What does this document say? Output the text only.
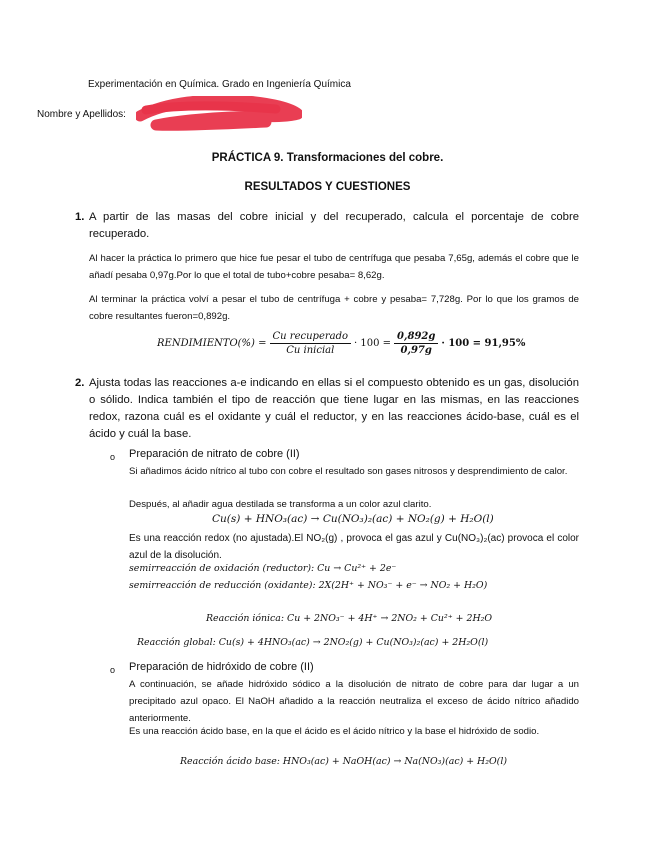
Experimentación en Química. Grado en Ingeniería Química
Nombre y Apellidos:
PRÁCTICA 9. Transformaciones del cobre.
RESULTADOS Y CUESTIONES
1. A partir de las masas del cobre inicial y del recuperado, calcula el porcentaje de cobre recuperado.
Al hacer la práctica lo primero que hice fue pesar el tubo de centrífuga que pesaba 7,65g, además el cobre que le añadí pesaba 0,97g.Por lo que el total de tubo+cobre pesaba= 8,62g.
Al terminar la práctica volví a pesar el tubo de centrífuga + cobre y pesaba= 7,728g. Por lo que los gramos de cobre resultantes fueron=0,892g.
RENDIMIENTO(%) = $\frac{\text{Cu recuperado}}{\text{Cu inicial}} \cdot 100 = \frac{0,892g}{0,97g} \cdot 100 = 91,95\%$
2. Ajusta todas las reacciones a-e indicando en ellas si el compuesto obtenido es un gas, disolución o sólido. Indica también el tipo de reacción que tiene lugar en las mismas, en las reacciones redox, razona cuál es el oxidante y cuál el reductor, y en las reacciones ácido-base, cuál es el ácido y cuál la base.
o Preparación de nitrato de cobre (II)
Si añadimos ácido nítrico al tubo con cobre el resultado son gases nitrosos y desprendimiento de calor.
Después, al añadir agua destilada se transforma a un color azul clarito.
Cu(s) + HNO₃(ac) → Cu(NO₃)₂(ac) + NO₂(g) + H₂O(l)
Es una reacción redox (no ajustada).El NO₂(g) , provoca el gas azul y Cu(NO₃)₂(ac) provoca el color azul de la disolución.
semirreacción de oxidación (reductor): Cu → Cu²⁺ + 2e⁻
semirreacción de reducción (oxidante): 2X(2H⁺ + NO₃⁻ + e⁻ → NO₂ + H₂O)
Reacción iónica: Cu + 2NO₃⁻ + 4H⁺ → 2NO₂ + Cu²⁺ + 2H₂O
Reacción global: Cu(s) + 4HNO₃(ac) → 2NO₂(g) + Cu(NO₃)₂(ac) + 2H₂O(l)
o Preparación de hidróxido de cobre (II)
A continuación, se añade hidróxido sódico a la disolución de nitrato de cobre para dar lugar a un precipitado azul opaco. El NaOH añadido a la reacción neutraliza el exceso de ácido nítrico añadido anteriormente.
Es una reacción ácido base, en la que el ácido es el ácido nítrico y la base el hidróxido de sodio.
Reacción ácido base: HNO₃(ac) + NaOH(ac) → Na(NO₃)(ac) + H₂O(l)
